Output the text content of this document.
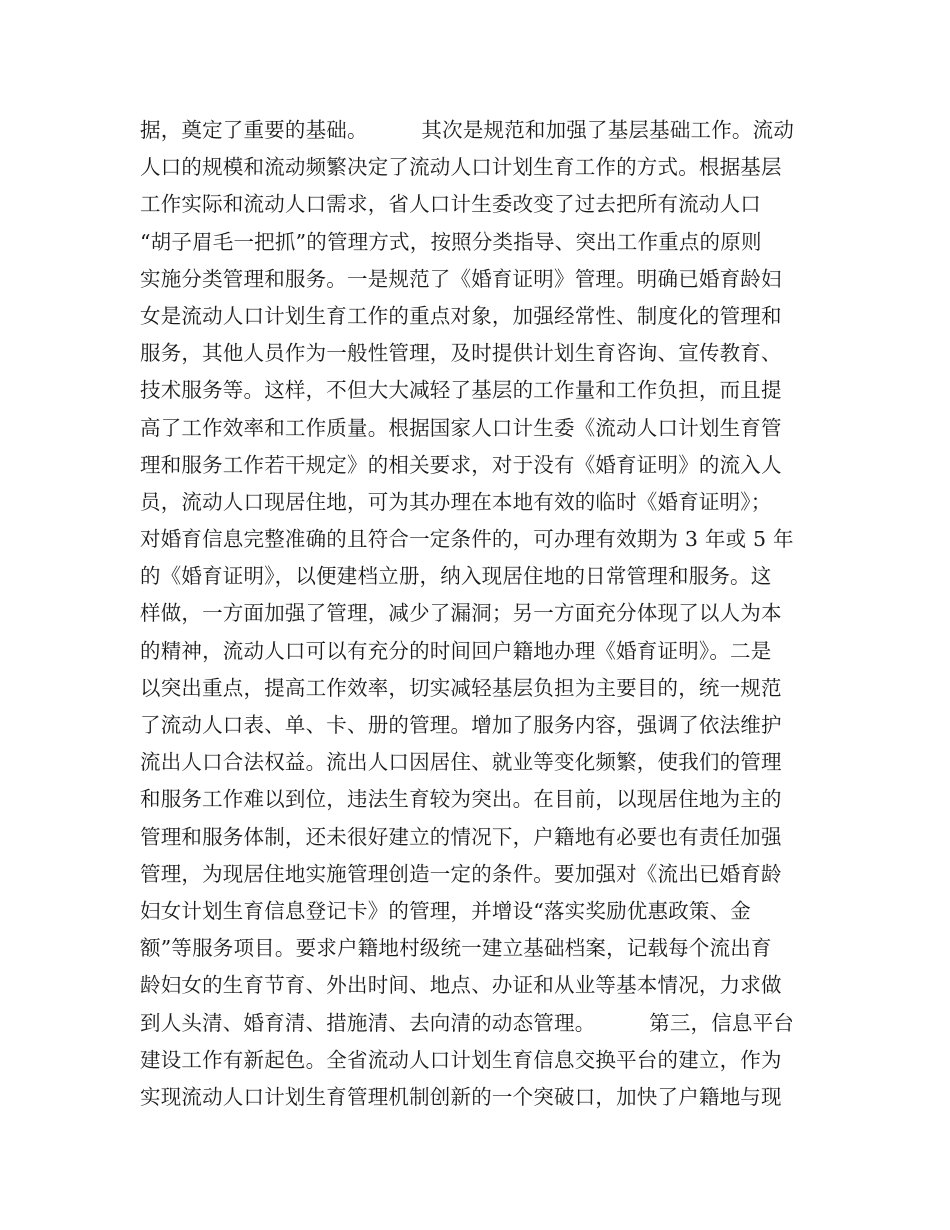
据，奠定了重要的基础。        其次是规范和加强了基层基础工作。流动
人口的规模和流动频繁决定了流动人口计划生育工作的方式。根据基层
工作实际和流动人口需求，省人口计生委改变了过去把所有流动人口
“胡子眉毛一把抓”的管理方式，按照分类指导、突出工作重点的原则
实施分类管理和服务。一是规范了《婚育证明》管理。明确已婚育龄妇
女是流动人口计划生育工作的重点对象，加强经常性、制度化的管理和
服务，其他人员作为一般性管理，及时提供计划生育咨询、宣传教育、
技术服务等。这样，不但大大减轻了基层的工作量和工作负担，而且提
高了工作效率和工作质量。根据国家人口计生委《流动人口计划生育管
理和服务工作若干规定》的相关要求，对于没有《婚育证明》的流入人
员，流动人口现居住地，可为其办理在本地有效的临时《婚育证明》；
对婚育信息完整准确的且符合一定条件的，可办理有效期为 3 年或 5 年
的《婚育证明》，以便建档立册，纳入现居住地的日常管理和服务。这
样做，一方面加强了管理，减少了漏洞；另一方面充分体现了以人为本
的精神，流动人口可以有充分的时间回户籍地办理《婚育证明》。二是
以突出重点，提高工作效率，切实减轻基层负担为主要目的，统一规范
了流动人口表、单、卡、册的管理。增加了服务内容，强调了依法维护
流出人口合法权益。流出人口因居住、就业等变化频繁，使我们的管理
和服务工作难以到位，违法生育较为突出。在目前，以现居住地为主的
管理和服务体制，还未很好建立的情况下，户籍地有必要也有责任加强
管理，为现居住地实施管理创造一定的条件。要加强对《流出已婚育龄
妇女计划生育信息登记卡》的管理，并增设“落实奖励优惠政策、金
额”等服务项目。要求户籍地村级统一建立基础档案，记载每个流出育
龄妇女的生育节育、外出时间、地点、办证和从业等基本情况，力求做
到人头清、婚育清、措施清、去向清的动态管理。        第三，信息平台
建设工作有新起色。全省流动人口计划生育信息交换平台的建立，作为
实现流动人口计划生育管理机制创新的一个突破口，加快了户籍地与现
